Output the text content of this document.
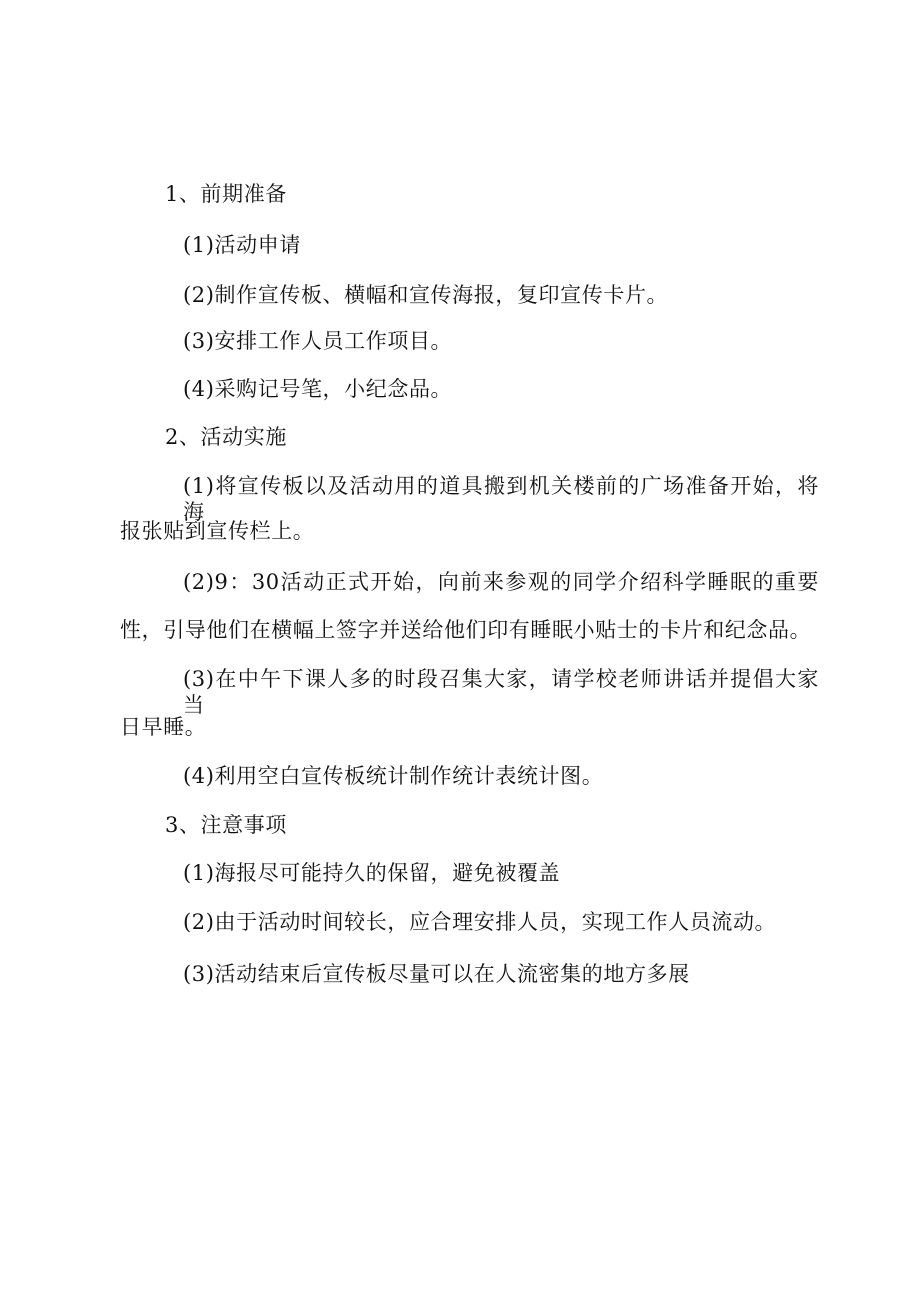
1、前期准备
(1)活动申请
(2)制作宣传板、横幅和宣传海报，复印宣传卡片。
(3)安排工作人员工作项目。
(4)采购记号笔，小纪念品。
2、活动实施
(1)将宣传板以及活动用的道具搬到机关楼前的广场准备开始，将海
报张贴到宣传栏上。
(2)9：30活动正式开始，向前来参观的同学介绍科学睡眠的重要
性，引导他们在横幅上签字并送给他们印有睡眠小贴士的卡片和纪念品。
(3)在中午下课人多的时段召集大家，请学校老师讲话并提倡大家当
日早睡。
(4)利用空白宣传板统计制作统计表统计图。
3、注意事项
(1)海报尽可能持久的保留，避免被覆盖
(2)由于活动时间较长，应合理安排人员，实现工作人员流动。
(3)活动结束后宣传板尽量可以在人流密集的地方多展
